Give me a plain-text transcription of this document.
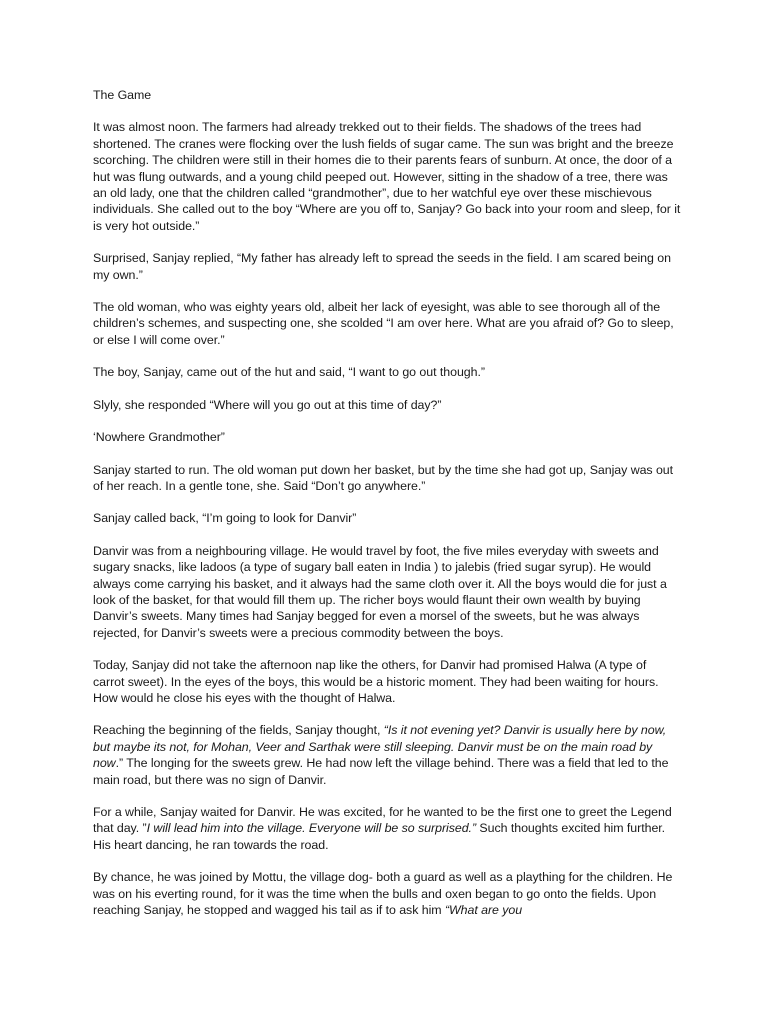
The Game

It was almost noon. The farmers had already trekked out to their fields. The shadows of the trees had shortened. The cranes were flocking over the lush fields of sugar came. The sun was bright and the breeze scorching. The children were still in their homes die to their parents fears of sunburn. At once, the door of a hut was flung outwards, and a young child peeped out. However, sitting in the shadow of a tree, there was an old lady, one that the children called “grandmother”, due to her watchful eye over these mischievous individuals. She called out to the boy “Where are you off to, Sanjay? Go back into your room and sleep, for it is very hot outside.”

Surprised, Sanjay replied, “My father has already left to spread the seeds in the field. I am scared being on my own.”

The old woman, who was eighty years old, albeit her lack of eyesight, was able to see thorough all of the children’s schemes, and suspecting one, she scolded “I am over here. What are you afraid of? Go to sleep, or else I will come over.”

The boy, Sanjay, came out of the hut and said, “I want to go out though.”

Slyly, she responded “Where will you go out at this time of day?”

‘Nowhere Grandmother”

Sanjay started to run. The old woman put down her basket, but by the time she had got up, Sanjay was out of her reach. In a gentle tone, she. Said “Don’t go anywhere.”

Sanjay called back, “I’m going to look for Danvir”

Danvir was from a neighbouring village. He would travel by foot, the five miles everyday with sweets and sugary snacks, like ladoos (a type of sugary ball eaten in India ) to jalebis (fried sugar syrup). He would always come carrying his basket, and it always had the same cloth over it. All the boys would die for just a look of the basket, for that would fill them up. The richer boys would flaunt their own wealth by buying Danvir’s sweets. Many times had Sanjay begged for even a morsel of the sweets, but he was always rejected, for Danvir’s sweets were a precious commodity between the boys.

Today, Sanjay did not take the afternoon nap like the others, for Danvir had promised Halwa (A type of carrot sweet). In the eyes of the boys, this would be a historic moment. They had been waiting for hours. How would he close his eyes with the thought of Halwa.

Reaching the beginning of the fields, Sanjay thought, “Is it not evening yet? Danvir is usually here by now, but maybe its not, for Mohan, Veer and Sarthak were still sleeping. Danvir must be on the main road by now.” The longing for the sweets grew. He had now left the village behind. There was a field that led to the main road, but there was no sign of Danvir.

For a while, Sanjay waited for Danvir. He was excited, for he wanted to be the first one to greet the Legend that day. ”I will lead him into the village. Everyone will be so surprised.” Such thoughts excited him further. His heart dancing, he ran towards the road.

By chance, he was joined by Mottu, the village dog- both a guard as well as a plaything for the children. He was on his everting round, for it was the time when the bulls and oxen began to go onto the fields. Upon reaching Sanjay, he stopped and wagged his tail as if to ask him “What are you
